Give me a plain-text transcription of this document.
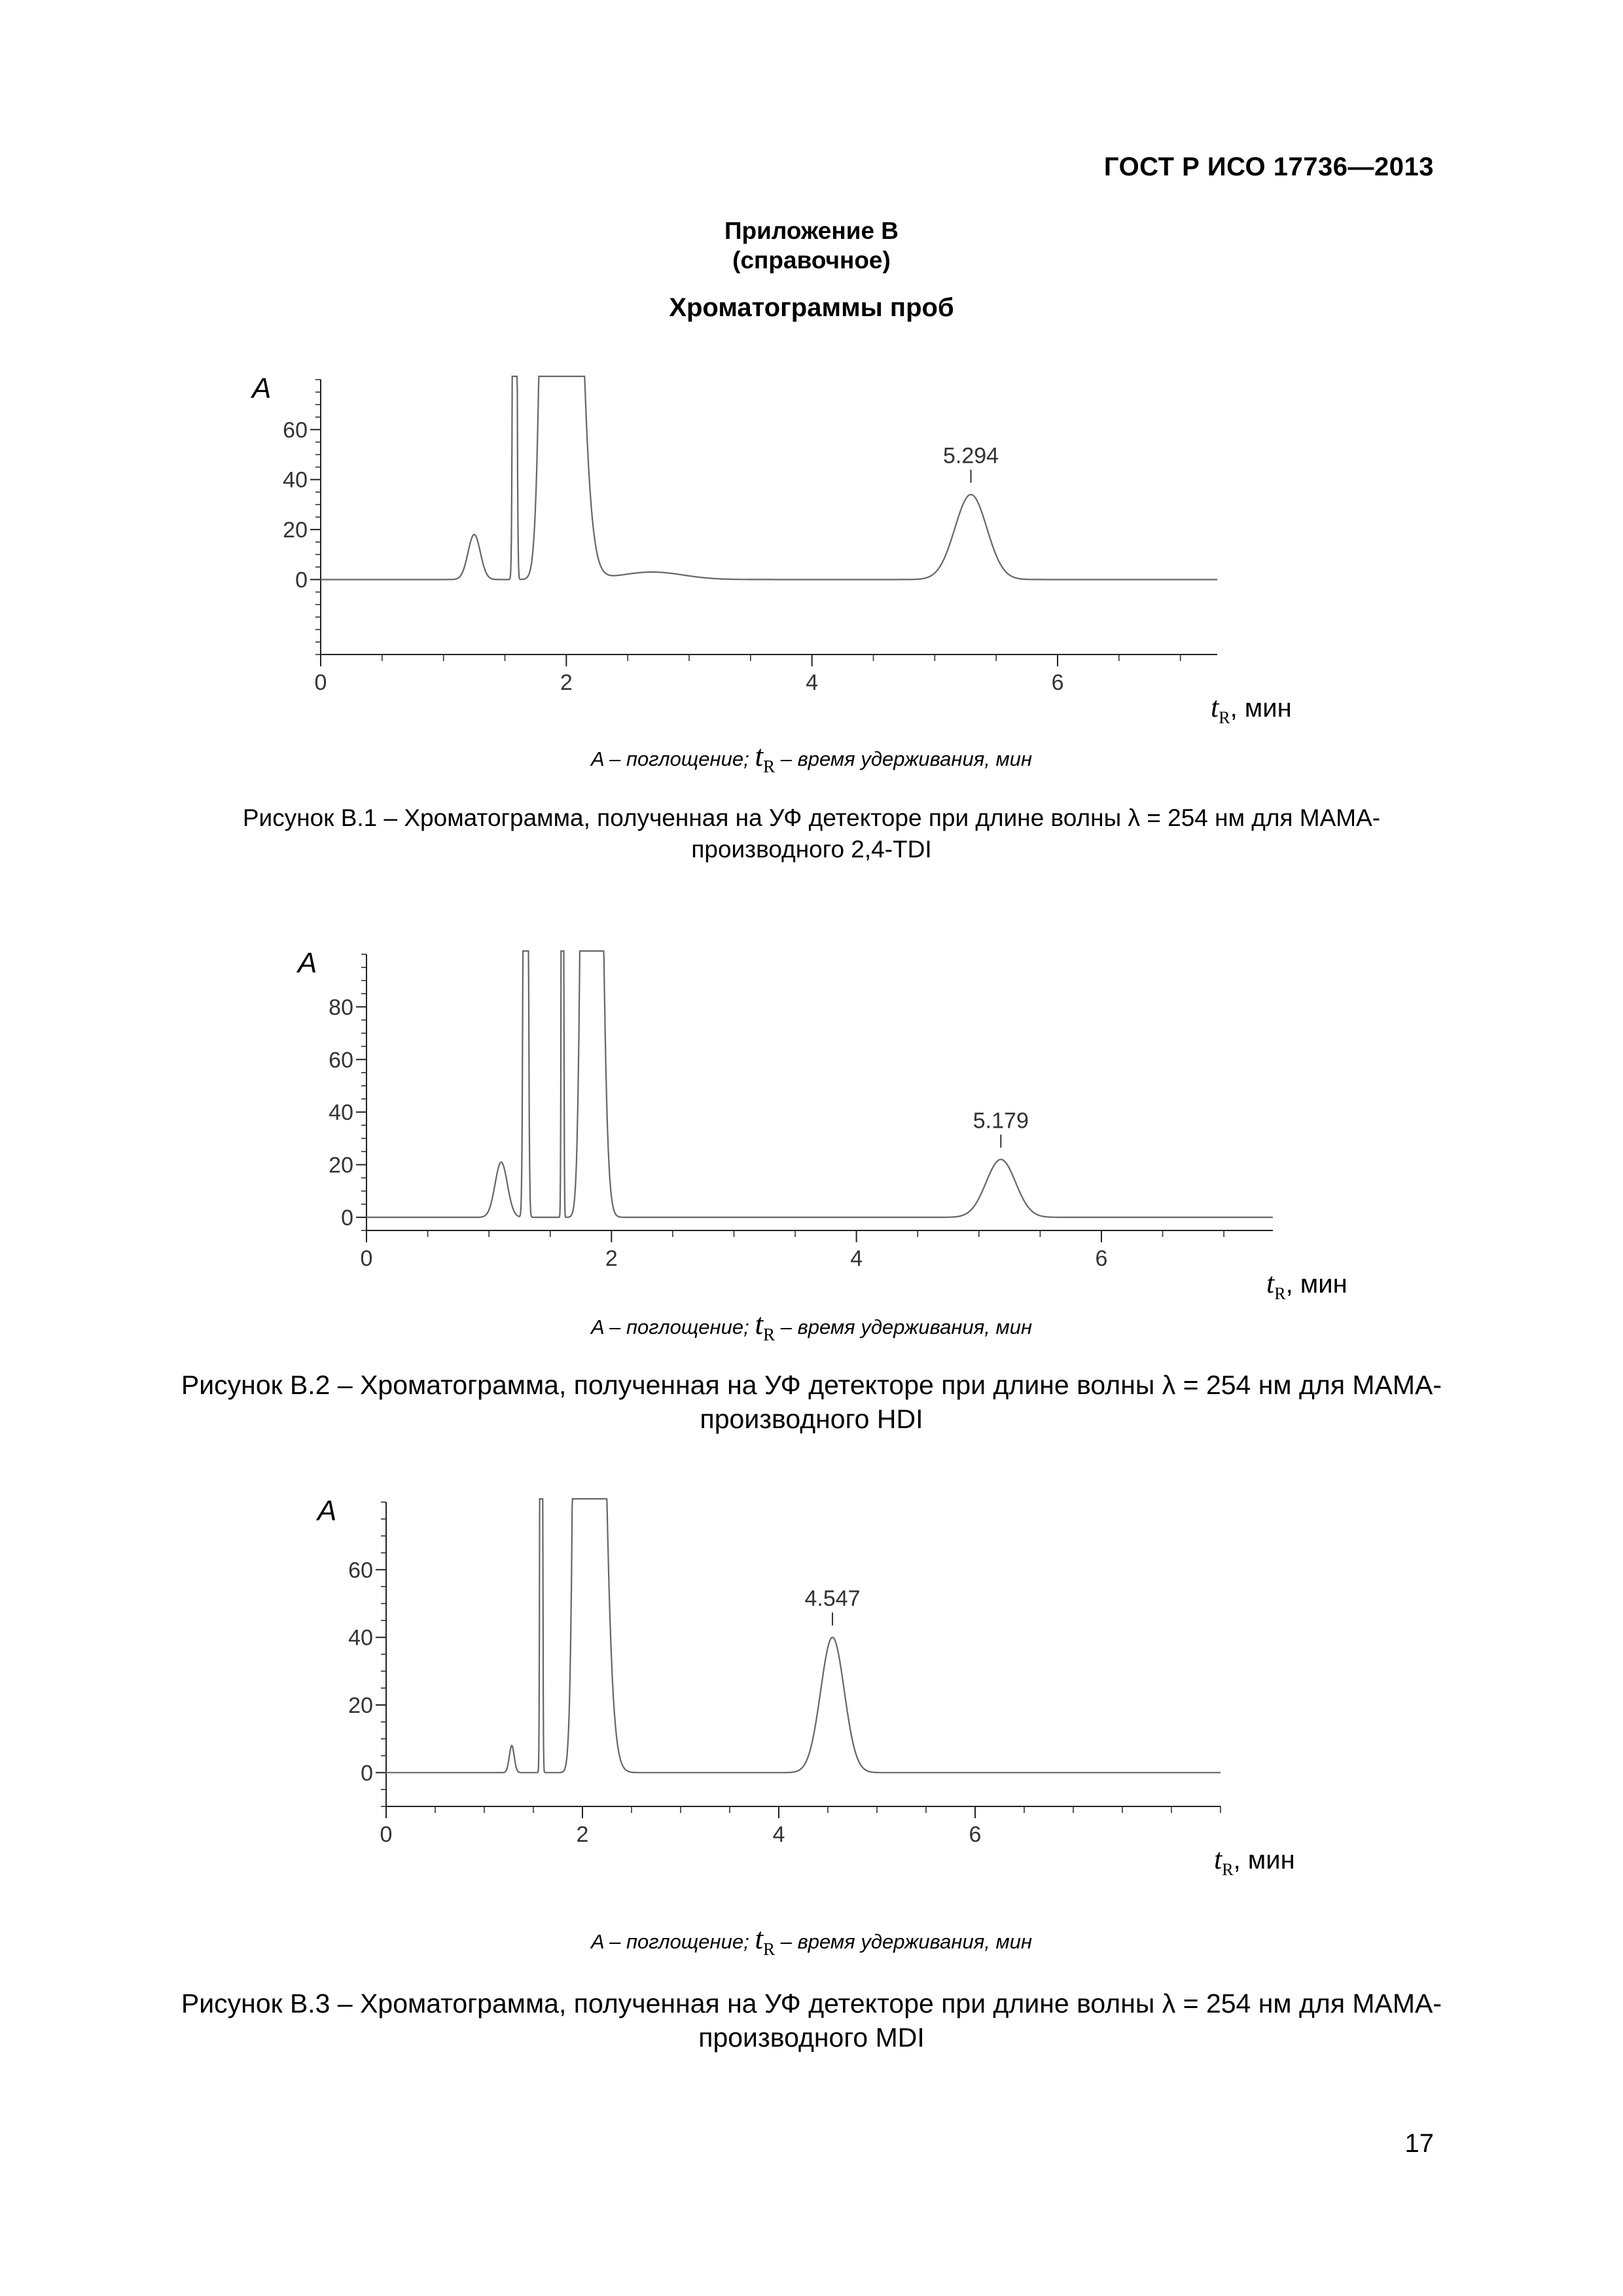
ГОСТ Р ИСО 17736—2013
Приложение В
(справочное)
Хроматограммы проб
0
20
40
60
0	2	4	6
A
$t_R$, мин
5.294
A – поглощение; $t_R$ – время удерживания, мин
Рисунок В.1 – Хроматограмма, полученная на УФ детекторе при длине волны λ = 254 нм для MAMA-
производного 2,4-TDI
0
20
40
60
80
0	2	4	6
A
$t_R$, мин
5.179
A – поглощение; $t_R$ – время удерживания, мин
Рисунок В.2 – Хроматограмма, полученная на УФ детекторе при длине волны λ = 254 нм для MAMA-
производного HDI
0
20
40
60
0	2	4	6
A
$t_R$, мин
4.547
A – поглощение; $t_R$ – время удерживания, мин
Рисунок В.3 – Хроматограмма, полученная на УФ детекторе при длине волны λ = 254 нм для MAMA-
производного MDI
17
